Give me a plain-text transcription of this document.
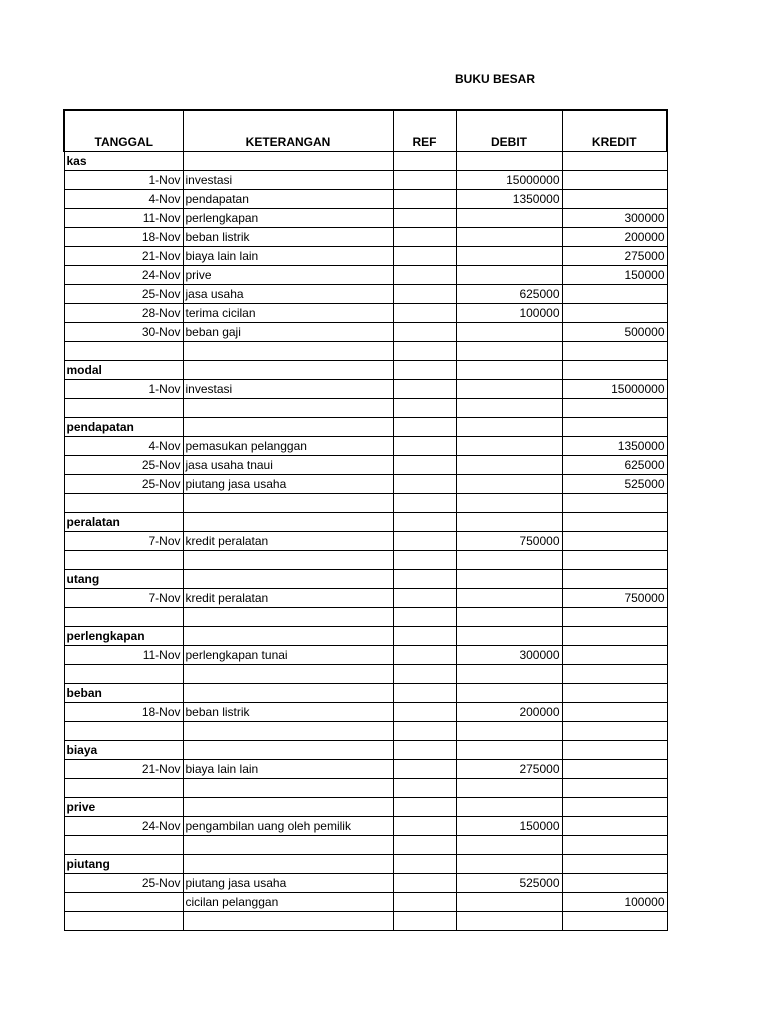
BUKU BESAR
TANGGAL	KETERANGAN	REF	DEBIT	KREDIT
kas				
1-Nov	investasi		15000000	
4-Nov	pendapatan		1350000	
11-Nov	perlengkapan			300000
18-Nov	beban listrik			200000
21-Nov	biaya lain lain			275000
24-Nov	prive			150000
25-Nov	jasa usaha		625000	
28-Nov	terima cicilan		100000	
30-Nov	beban gaji			500000

modal				
1-Nov	investasi			15000000

pendapatan				
4-Nov	pemasukan pelanggan			1350000
25-Nov	jasa usaha tnaui			625000
25-Nov	piutang jasa usaha			525000

peralatan				
7-Nov	kredit peralatan		750000	

utang				
7-Nov	kredit peralatan			750000

perlengkapan				
11-Nov	perlengkapan tunai		300000	

beban				
18-Nov	beban listrik		200000	

biaya				
21-Nov	biaya lain lain		275000	

prive				
24-Nov	pengambilan uang oleh pemilik		150000	

piutang				
25-Nov	piutang jasa usaha		525000	
	cicilan pelanggan			100000
